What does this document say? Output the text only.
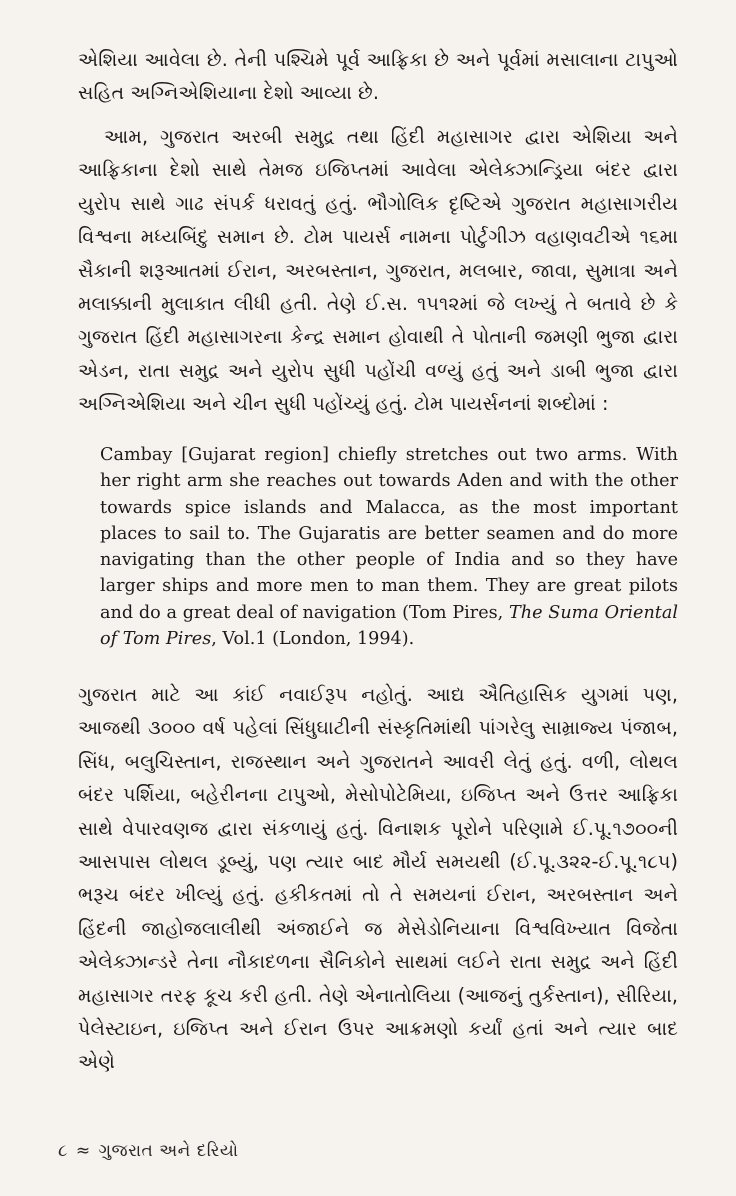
એશિયા આવેલા છે. તેની પશ્ચિમે પૂર્વ આફ્રિકા છે અને પૂર્વમાં મસાલાના ટાપુઓ સહિત અગ્નિએશિયાના દેશો આવ્યા છે.

આમ, ગુજરાત અરબી સમુદ્ર તથા હિંદી મહાસાગર દ્વારા એશિયા અને આફ્રિકાના દેશો સાથે તેમજ ઇજિપ્તમાં આવેલા એલેક્ઝાન્ડ્રિયા બંદર દ્વારા યુરોપ સાથે ગાઢ સંપર્ક ધરાવતું હતું. ભૌગોલિક દૃષ્ટિએ ગુજરાત મહાસાગરીય વિશ્વના મધ્યબિંદુ સમાન છે. ટોમ પાયર્સ નામના પોર્ટુગીઝ વહાણવટીએ ૧૬મા સૈકાની શરૂઆતમાં ઈરાન, અરબસ્તાન, ગુજરાત, મલબાર, જાવા, સુમાત્રા અને મલાક્કાની મુલાકાત લીધી હતી. તેણે ઈ.સ. ૧૫૧૨માં જે લખ્યું તે બતાવે છે કે ગુજરાત હિંદી મહાસાગરના કેન્દ્ર સમાન હોવાથી તે પોતાની જમણી ભુજા દ્વારા એડન, રાતા સમુદ્ર અને યુરોપ સુધી પહોંચી વળ્યું હતું અને ડાબી ભુજા દ્વારા અગ્નિએશિયા અને ચીન સુધી પહોંચ્યું હતું. ટોમ પાયર્સનનાં શબ્દોમાં :

Cambay [Gujarat region] chiefly stretches out two arms. With her right arm she reaches out towards Aden and with the other towards spice islands and Malacca, as the most important places to sail to. The Gujaratis are better seamen and do more navigating than the other people of India and so they have larger ships and more men to man them. They are great pilots and do a great deal of navigation (Tom Pires, The Suma Oriental of Tom Pires, Vol.1 (London, 1994).

ગુજરાત માટે આ કાંઈ નવાઈરૂપ નહોતું. આદ્ય ઐતિહાસિક યુગમાં પણ, આજથી ૩૦૦૦ વર્ષ પહેલાં સિંધુઘાટીની સંસ્કૃતિમાંથી પાંગરેલુ સામ્રાજ્ય પંજાબ, સિંધ, બલુચિસ્તાન, રાજસ્થાન અને ગુજરાતને આવરી લેતું હતું. વળી, લોથલ બંદર પર્શિયા, બહેરીનના ટાપુઓ, મેસોપોટેમિયા, ઇજિપ્ત અને ઉત્તર આફ્રિકા સાથે વેપારવણજ દ્વારા સંકળાયું હતું. વિનાશક પૂરોને પરિણામે ઈ.પૂ.૧૭૦૦ની આસપાસ લોથલ ડૂબ્યું, પણ ત્યાર બાદ મૌર્ય સમયથી (ઈ.પૂ.૩૨૨-ઈ.પૂ.૧૮૫) ભરૂચ બંદર ખીલ્યું હતું. હકીકતમાં તો તે સમયનાં ઈરાન, અરબસ્તાન અને હિંદની જાહોજલાલીથી અંજાઈને જ મેસેડોનિયાના વિશ્વવિખ્યાત વિજેતા એલેક્ઝાન્ડરે તેના નૌકાદળના સૈનિકોને સાથમાં લઈને રાતા સમુદ્ર અને હિંદી મહાસાગર તરફ કૂચ કરી હતી. તેણે એનાતોલિયા (આજનું તુર્કસ્તાન), સીરિયા, પેલેસ્ટાઇન, ઇજિપ્ત અને ઈરાન ઉપર આક્રમણો કર્યાં હતાં અને ત્યાર બાદ એણે

૮ ≈ ગુજરાત અને દરિયો
